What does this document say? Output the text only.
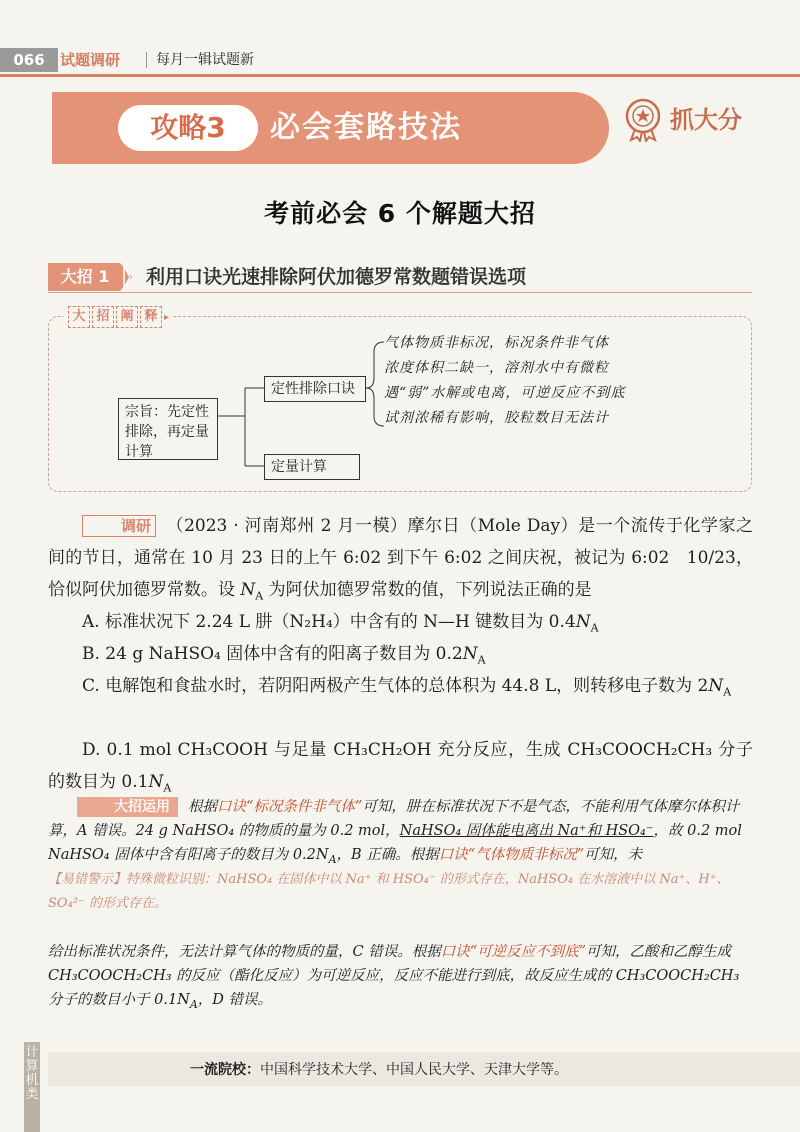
066	试题调研	每月一辑试题新
攻略3	必会套路技法	抓大分
考前必会 6 个解题大招
大招 1	利用口诀光速排除阿伏加德罗常数题错误选项
大 招 阐 释 ▸
宗旨：先定性排除，再定量计算
定性排除口诀
定量计算
气体物质非标况，标况条件非气体
浓度体积二缺一，溶剂水中有微粒
遇“弱”水解或电离，可逆反应不到底
试剂浓稀有影响，胶粒数目无法计
调研 （2023 · 河南郑州 2 月一模）摩尔日（Mole Day）是一个流传于化学家之间的节日，通常在 10 月 23 日的上午 6:02 到下午 6:02 之间庆祝，被记为 6:02　10/23，恰似阿伏加德罗常数。设 $N_A$ 为阿伏加德罗常数的值，下列说法正确的是
A. 标准状况下 2.24 L 肼（N₂H₄）中含有的 N—H 键数目为 $0.4N_A$
B. 24 g NaHSO₄ 固体中含有的阳离子数目为 $0.2N_A$
C. 电解饱和食盐水时，若阴阳两极产生气体的总体积为 44.8 L，则转移电子数为 $2N_A$
D. 0.1 mol CH₃COOH 与足量 CH₃CH₂OH 充分反应，生成 CH₃COOCH₂CH₃ 分子的数目为 $0.1N_A$
大招运用 根据口诀“标况条件非气体”可知，肼在标准状况下不是气态，不能利用气体摩尔体积计算，A 错误。24 g NaHSO₄ 的物质的量为 0.2 mol，NaHSO₄ 固体能电离出 Na⁺和 HSO₄⁻，故 0.2 mol NaHSO₄ 固体中含有阳离子的数目为 $0.2N_A$，B 正确。根据口诀“气体物质非标况”可知，未
【易错警示】特殊微粒识别：NaHSO₄ 在固体中以 Na⁺ 和 HSO₄⁻ 的形式存在，NaHSO₄ 在水溶液中以 Na⁺、H⁺、SO₄²⁻ 的形式存在。
给出标准状况条件，无法计算气体的物质的量，C 错误。根据口诀“可逆反应不到底”可知，乙酸和乙醇生成 CH₃COOCH₂CH₃ 的反应（酯化反应）为可逆反应，反应不能进行到底，故反应生成的 CH₃COOCH₂CH₃ 分子的数目小于 $0.1N_A$，D 错误。
一流院校：中国科学技术大学、中国人民大学、天津大学等。
计算机类
